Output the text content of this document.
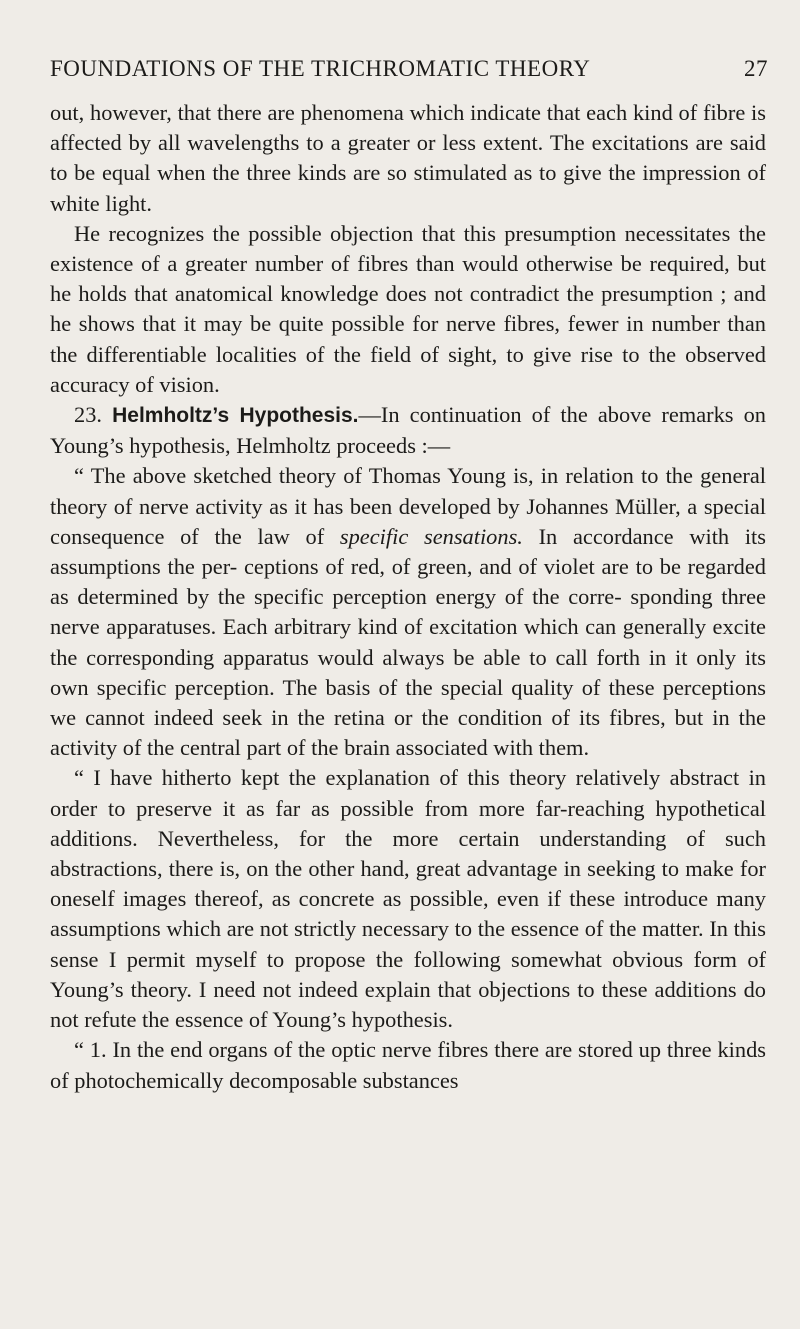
FOUNDATIONS OF THE TRICHROMATIC THEORY	27

out, however, that there are phenomena which indicate that each kind of fibre is affected by all wavelengths to a greater or less extent. The excitations are said to be equal when the three kinds are so stimulated as to give the impression of white light.

He recognizes the possible objection that this presumption necessitates the existence of a greater number of fibres than would otherwise be required, but he holds that anatomical knowledge does not contradict the presumption ; and he shows that it may be quite possible for nerve fibres, fewer in number than the differentiable localities of the field of sight, to give rise to the observed accuracy of vision.

23. Helmholtz’s Hypothesis.—In continuation of the above remarks on Young’s hypothesis, Helmholtz proceeds :—

“ The above sketched theory of Thomas Young is, in relation to the general theory of nerve activity as it has been developed by Johannes Müller, a special consequence of the law of specific sensations. In accordance with its assumptions the per- ceptions of red, of green, and of violet are to be regarded as determined by the specific perception energy of the corre- sponding three nerve apparatuses. Each arbitrary kind of excitation which can generally excite the corresponding apparatus would always be able to call forth in it only its own specific perception. The basis of the special quality of these perceptions we cannot indeed seek in the retina or the condition of its fibres, but in the activity of the central part of the brain associated with them.

“ I have hitherto kept the explanation of this theory relatively abstract in order to preserve it as far as possible from more far-reaching hypothetical additions. Nevertheless, for the more certain understanding of such abstractions, there is, on the other hand, great advantage in seeking to make for oneself images thereof, as concrete as possible, even if these introduce many assumptions which are not strictly necessary to the essence of the matter. In this sense I permit myself to propose the following somewhat obvious form of Young’s theory. I need not indeed explain that objections to these additions do not refute the essence of Young’s hypothesis.

“ 1. In the end organs of the optic nerve fibres there are stored up three kinds of photochemically decomposable substances
